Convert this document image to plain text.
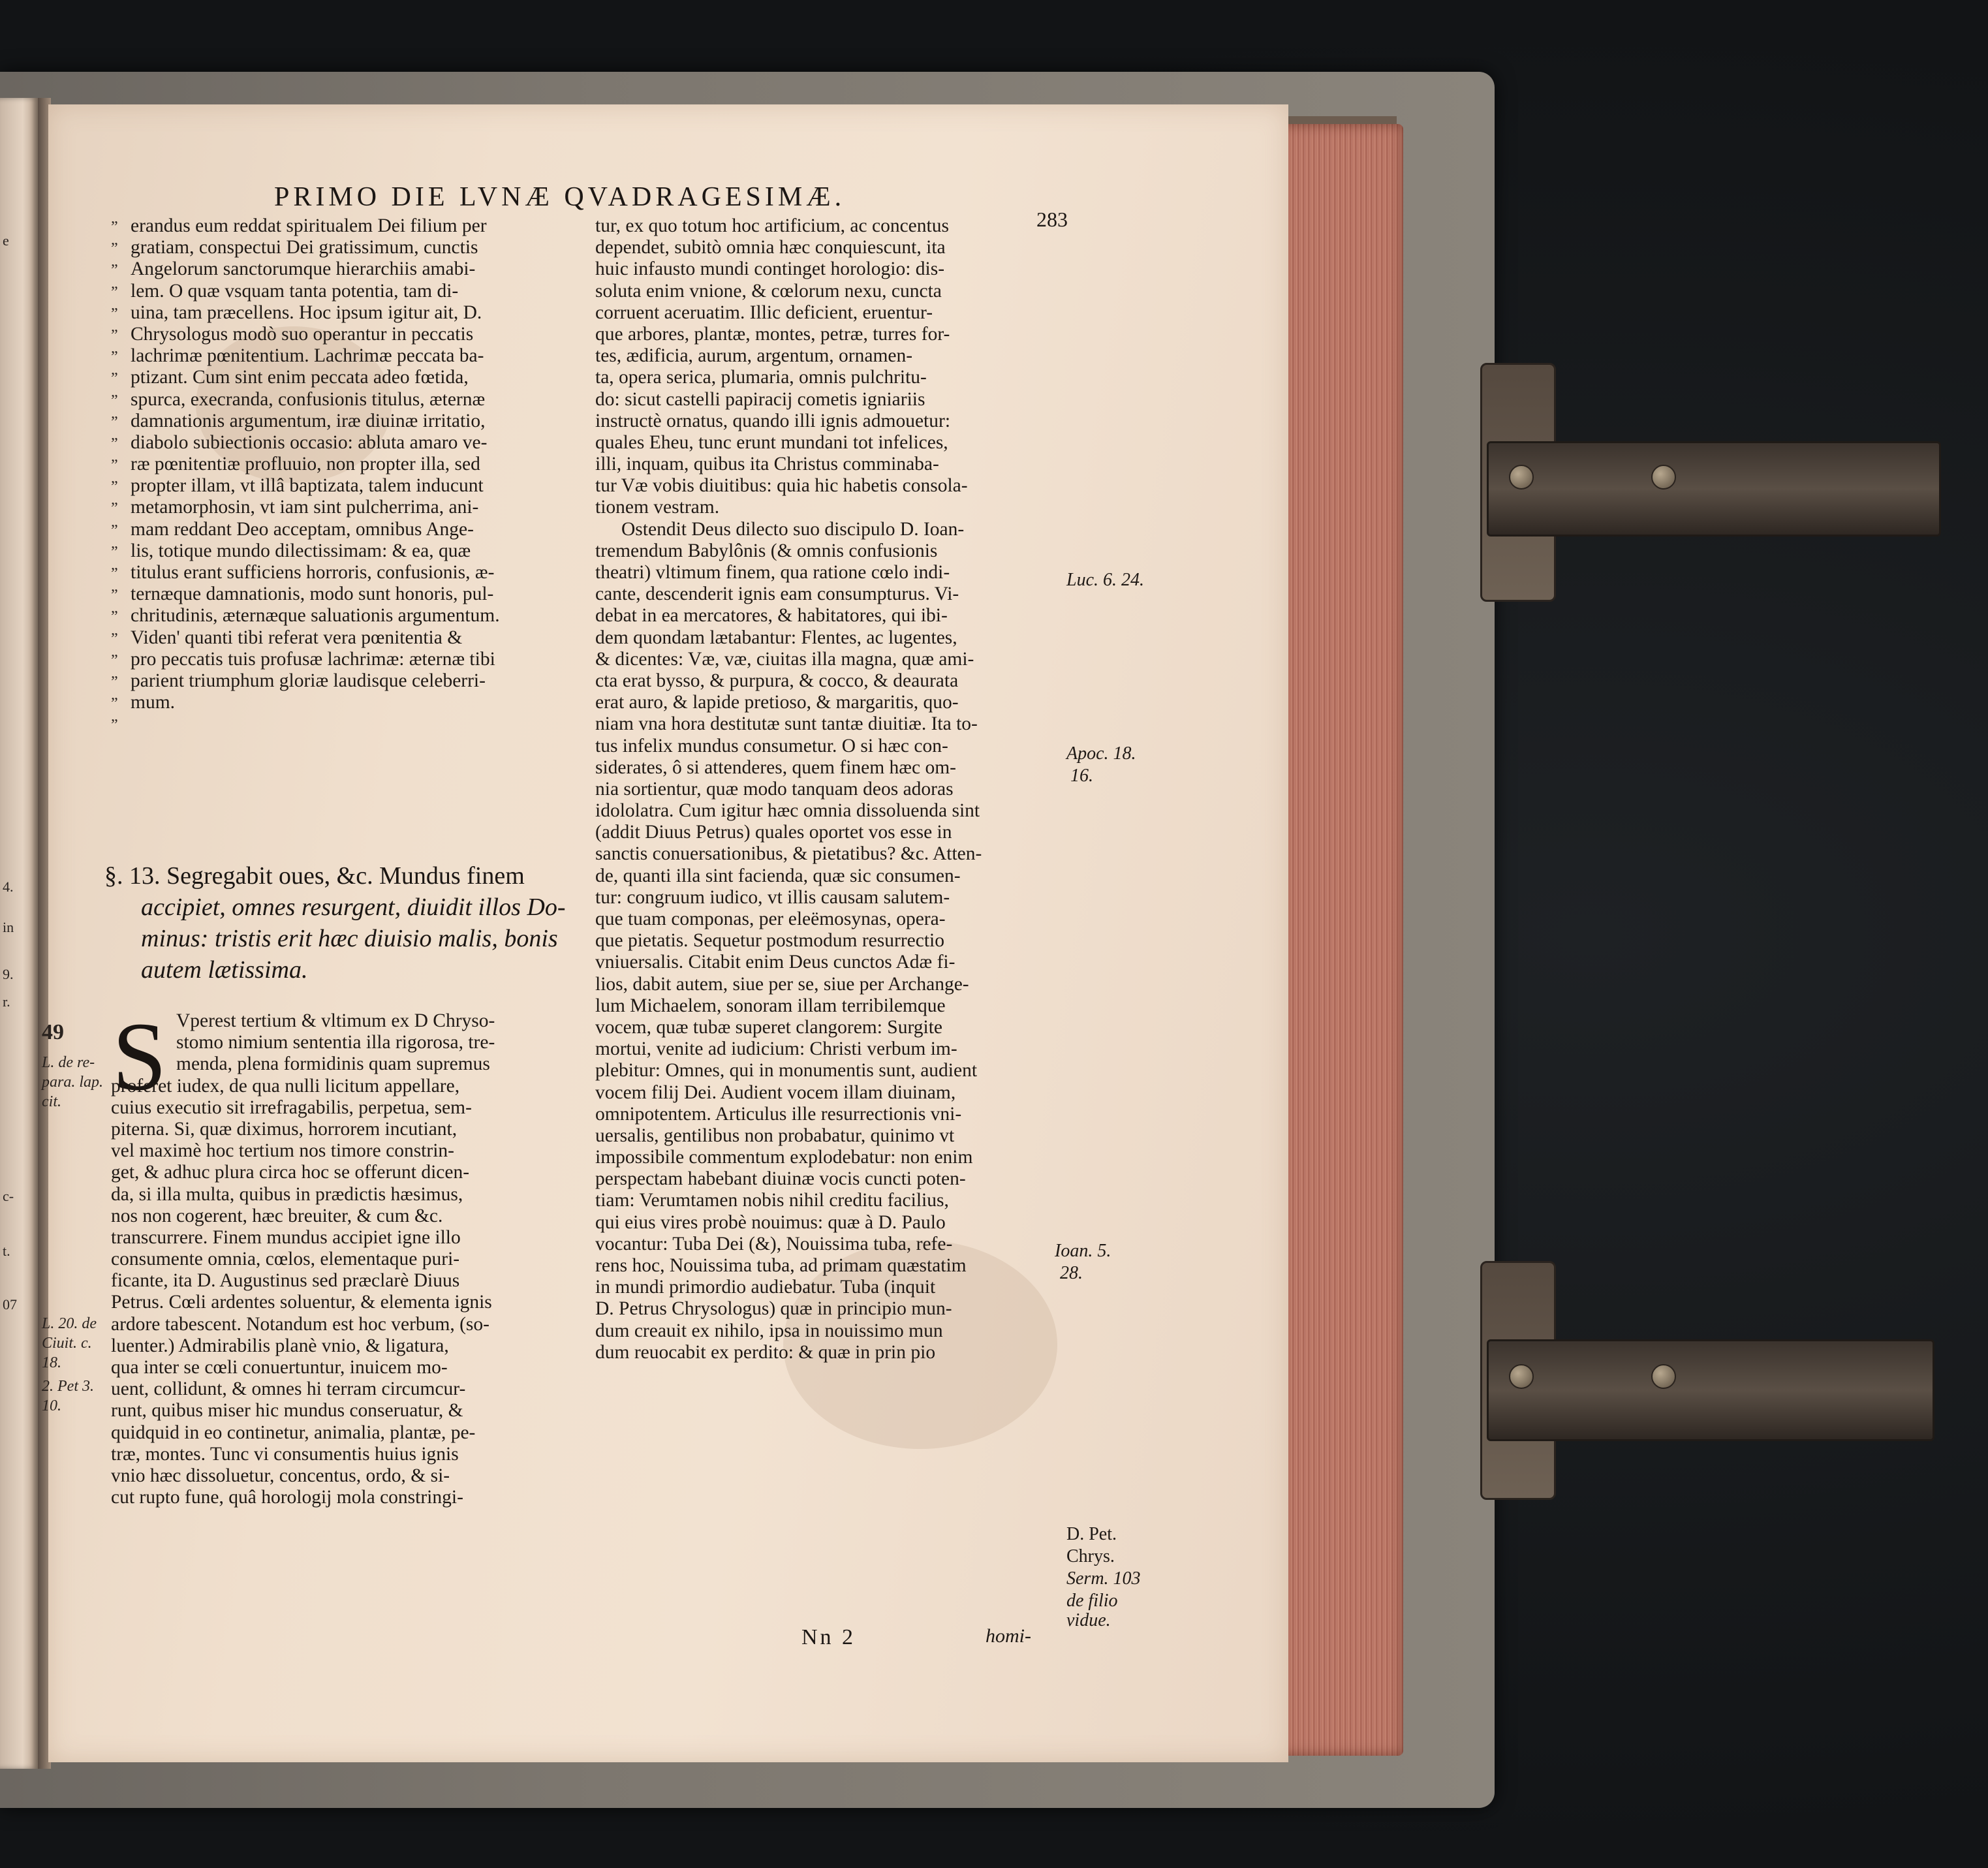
e
4.
in
9.
r.
c-
t.
07
PRIMO DIE LVNÆ QVADRAGESIMÆ.
283
” erandus eum reddat spiritualem Dei filium per
” gratiam, conspectui Dei gratissimum, cunctis
” Angelorum sanctorumque hierarchiis amabi-
” lem. O quæ vsquam tanta potentia, tam di-
” uina, tam præcellens. Hoc ipsum igitur ait, D.
” Chrysologus modò suo operantur in peccatis
” lachrimæ pœnitentium. Lachrimæ peccata ba-
” ptizant. Cum sint enim peccata adeo fœtida,
” spurca, execranda, confusionis titulus, æternæ
” damnationis argumentum, iræ diuinæ irritatio,
” diabolo subiectionis occasio: abluta amaro ve-
” ræ pœnitentiæ profluuio, non propter illa, sed
” propter illam, vt illâ baptizata, talem inducunt
” metamorphosin, vt iam sint pulcherrima, ani-
” mam reddant Deo acceptam, omnibus Ange-
” lis, totique mundo dilectissimam: & ea, quæ
” titulus erant sufficiens horroris, confusionis, æ-
” ternæque damnationis, modo sunt honoris, pul-
” chritudinis, æternæque saluationis argumentum.
” Viden' quanti tibi referat vera pœnitentia &
” pro peccatis tuis profusæ lachrimæ: æternæ tibi
” parient triumphum gloriæ laudisque celeberri-
” mum.
”
§. 13. Segregabit oues, &c. Mundus finem
accipiet, omnes resurgent, diuidit illos Do-
minus: tristis erit hæc diuisio malis, bonis
autem lætissima.
S Vperest tertium & vltimum ex D Chryso-
stomo nimium sententia illa rigorosa, tre-
menda, plena formidinis quam supremus
proferet iudex, de qua nulli licitum appellare,
cuius executio sit irrefragabilis, perpetua, sem-
piterna. Si, quæ diximus, horrorem incutiant,
vel maximè hoc tertium nos timore constrin-
get, & adhuc plura circa hoc se offerunt dicen-
da, si illa multa, quibus in prædictis hæsimus,
nos non cogerent, hæc breuiter, & cum &c.
transcurrere. Finem mundus accipiet igne illo
consumente omnia, cœlos, elementaque puri-
ficante, ita D. Augustinus sed præclarè Diuus
Petrus. Cœli ardentes soluentur, & elementa ignis
ardore tabescent. Notandum est hoc verbum, (so-
luenter.) Admirabilis planè vnio, & ligatura,
qua inter se cœli conuertuntur, inuicem mo-
uent, collidunt, & omnes hi terram circumcur-
runt, quibus miser hic mundus conseruatur, &
quidquid in eo continetur, animalia, plantæ, pe-
træ, montes. Tunc vi consumentis huius ignis
vnio hæc dissoluetur, concentus, ordo, & si-
cut rupto fune, quâ horologij mola constringi-
49
L. de re-
para. lap.
cit.
L. 20. de
Ciuit. c.
18.
2. Pet 3.
10.
tur, ex quo totum hoc artificium, ac concentus
dependet, subitò omnia hæc conquiescunt, ita
huic infausto mundi continget horologio: dis-
soluta enim vnione, & cœlorum nexu, cuncta
corruent aceruatim. Illic deficient, eruentur-
que arbores, plantæ, montes, petræ, turres for-
tes, ædificia, aurum, argentum, ornamen-
ta, opera serica, plumaria, omnis pulchritu-
do: sicut castelli papiracij cometis igniariis
instructè ornatus, quando illi ignis admouetur:
quales Eheu, tunc erunt mundani tot infelices,
illi, inquam, quibus ita Christus comminaba-
tur Væ vobis diuitibus: quia hic habetis consola-
tionem vestram.
Ostendit Deus dilecto suo discipulo D. Ioan-
tremendum Babylônis (& omnis confusionis
theatri) vltimum finem, qua ratione cœlo indi-
cante, descenderit ignis eam consumpturus. Vi-
debat in ea mercatores, & habitatores, qui ibi-
dem quondam lætabantur: Flentes, ac lugentes,
& dicentes: Væ, væ, ciuitas illa magna, quæ ami-
cta erat bysso, & purpura, & cocco, & deaurata
erat auro, & lapide pretioso, & margaritis, quo-
niam vna hora destitutæ sunt tantæ diuitiæ. Ita to-
tus infelix mundus consumetur. O si hæc con-
siderates, ô si attenderes, quem finem hæc om-
nia sortientur, quæ modo tanquam deos adoras
idololatra. Cum igitur hæc omnia dissoluenda sint
(addit Diuus Petrus) quales oportet vos esse in
sanctis conuersationibus, & pietatibus? &c. Atten-
de, quanti illa sint facienda, quæ sic consumen-
tur: congruum iudico, vt illis causam salutem-
que tuam componas, per eleëmosynas, opera-
que pietatis. Sequetur postmodum resurrectio
vniuersalis. Citabit enim Deus cunctos Adæ fi-
lios, dabit autem, siue per se, siue per Archange-
lum Michaelem, sonoram illam terribilemque
vocem, quæ tubæ superet clangorem: Surgite
mortui, venite ad iudicium: Christi verbum im-
plebitur: Omnes, qui in monumentis sunt, audient
vocem filij Dei. Audient vocem illam diuinam,
omnipotentem. Articulus ille resurrectionis vni-
uersalis, gentilibus non probabatur, quinimo vt
impossibile commentum explodebatur: non enim
perspectam habebant diuinæ vocis cuncti poten-
tiam: Verumtamen nobis nihil creditu facilius,
qui eius vires probè nouimus: quæ à D. Paulo
vocantur: Tuba Dei (&), Nouissima tuba, refe-
rens hoc, Nouissima tuba, ad primam quæstatim
in mundi primordio audiebatur. Tuba (inquit
D. Petrus Chrysologus) quæ in principio mun-
dum creauit ex nihilo, ipsa in nouissimo mun
dum reuocabit ex perdito: & quæ in prin pio
Luc. 6. 24.
Apoc. 18.
16.
Ioan. 5.
28.
D. Pet.
Chrys.
Serm. 103
de filio
vidue.
Nn 2	homi-
